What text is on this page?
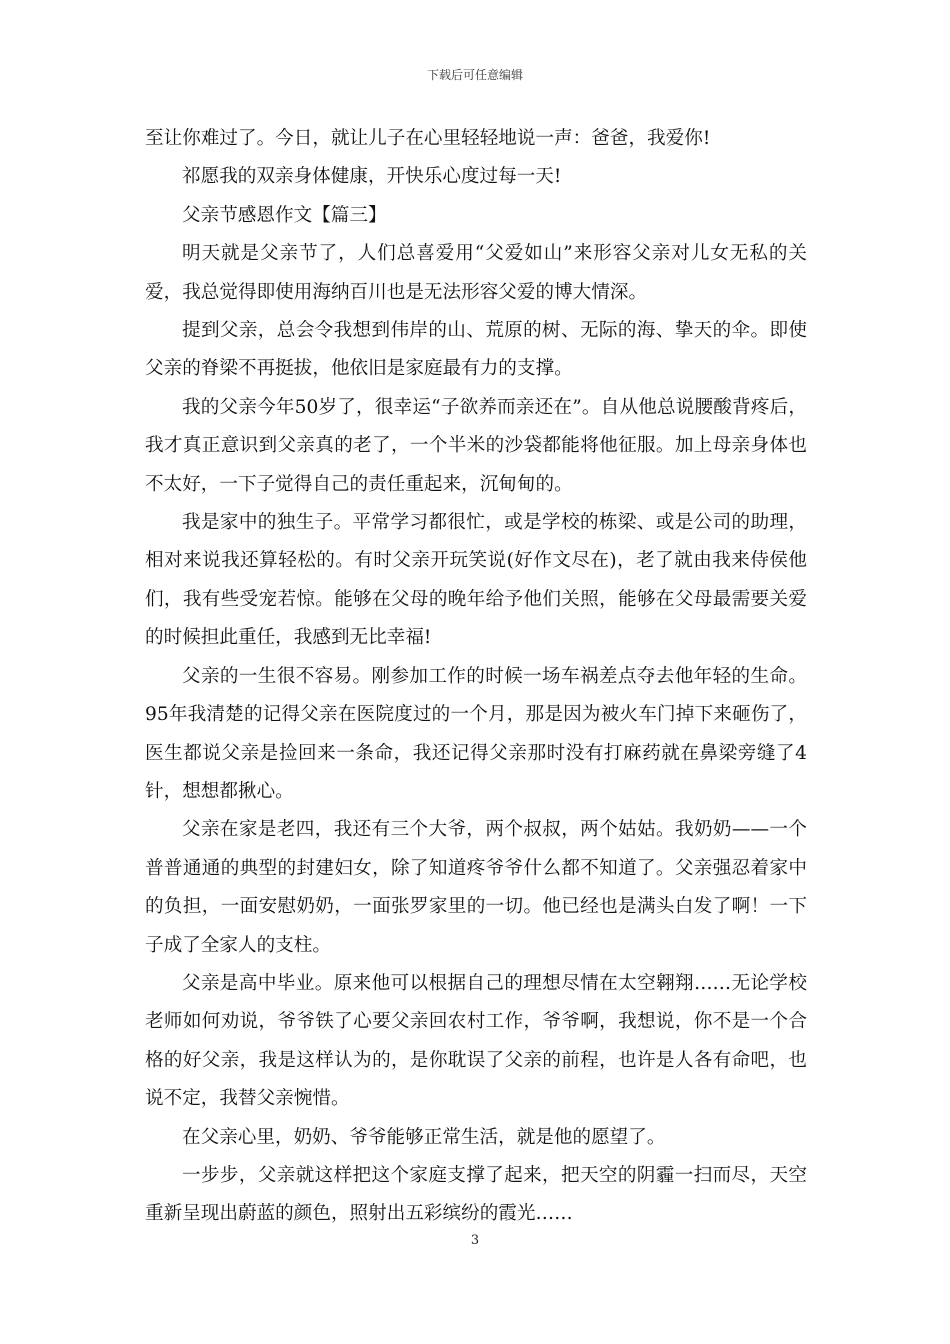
下载后可任意编辑

至让你难过了。今日，就让儿子在心里轻轻地说一声：爸爸，我爱你!

祁愿我的双亲身体健康，开快乐心度过每一天!

父亲节感恩作文【篇三】

明天就是父亲节了，人们总喜爱用“父爱如山”来形容父亲对儿女无私的关爱，我总觉得即使用海纳百川也是无法形容父爱的博大情深。

提到父亲，总会令我想到伟岸的山、荒原的树、无际的海、挚天的伞。即使父亲的脊梁不再挺拔，他依旧是家庭最有力的支撑。

我的父亲今年50岁了，很幸运“子欲养而亲还在”。自从他总说腰酸背疼后，我才真正意识到父亲真的老了，一个半米的沙袋都能将他征服。加上母亲身体也不太好，一下子觉得自己的责任重起来，沉甸甸的。

我是家中的独生子。平常学习都很忙，或是学校的栋梁、或是公司的助理，相对来说我还算轻松的。有时父亲开玩笑说(好作文尽在)，老了就由我来侍侯他们，我有些受宠若惊。能够在父母的晚年给予他们关照，能够在父母最需要关爱的时候担此重任，我感到无比幸福!

父亲的一生很不容易。刚参加工作的时候一场车祸差点夺去他年轻的生命。95年我清楚的记得父亲在医院度过的一个月，那是因为被火车门掉下来砸伤了，医生都说父亲是捡回来一条命，我还记得父亲那时没有打麻药就在鼻梁旁缝了4针，想想都揪心。

父亲在家是老四，我还有三个大爷，两个叔叔，两个姑姑。我奶奶——一个普普通通的典型的封建妇女，除了知道疼爷爷什么都不知道了。父亲强忍着家中的负担，一面安慰奶奶，一面张罗家里的一切。他已经也是满头白发了啊！一下子成了全家人的支柱。

父亲是高中毕业。原来他可以根据自己的理想尽情在太空翱翔……无论学校老师如何劝说，爷爷铁了心要父亲回农村工作，爷爷啊，我想说，你不是一个合格的好父亲，我是这样认为的，是你耽误了父亲的前程，也许是人各有命吧，也说不定，我替父亲惋惜。

在父亲心里，奶奶、爷爷能够正常生活，就是他的愿望了。

一步步，父亲就这样把这个家庭支撑了起来，把天空的阴霾一扫而尽，天空重新呈现出蔚蓝的颜色，照射出五彩缤纷的霞光……

3
